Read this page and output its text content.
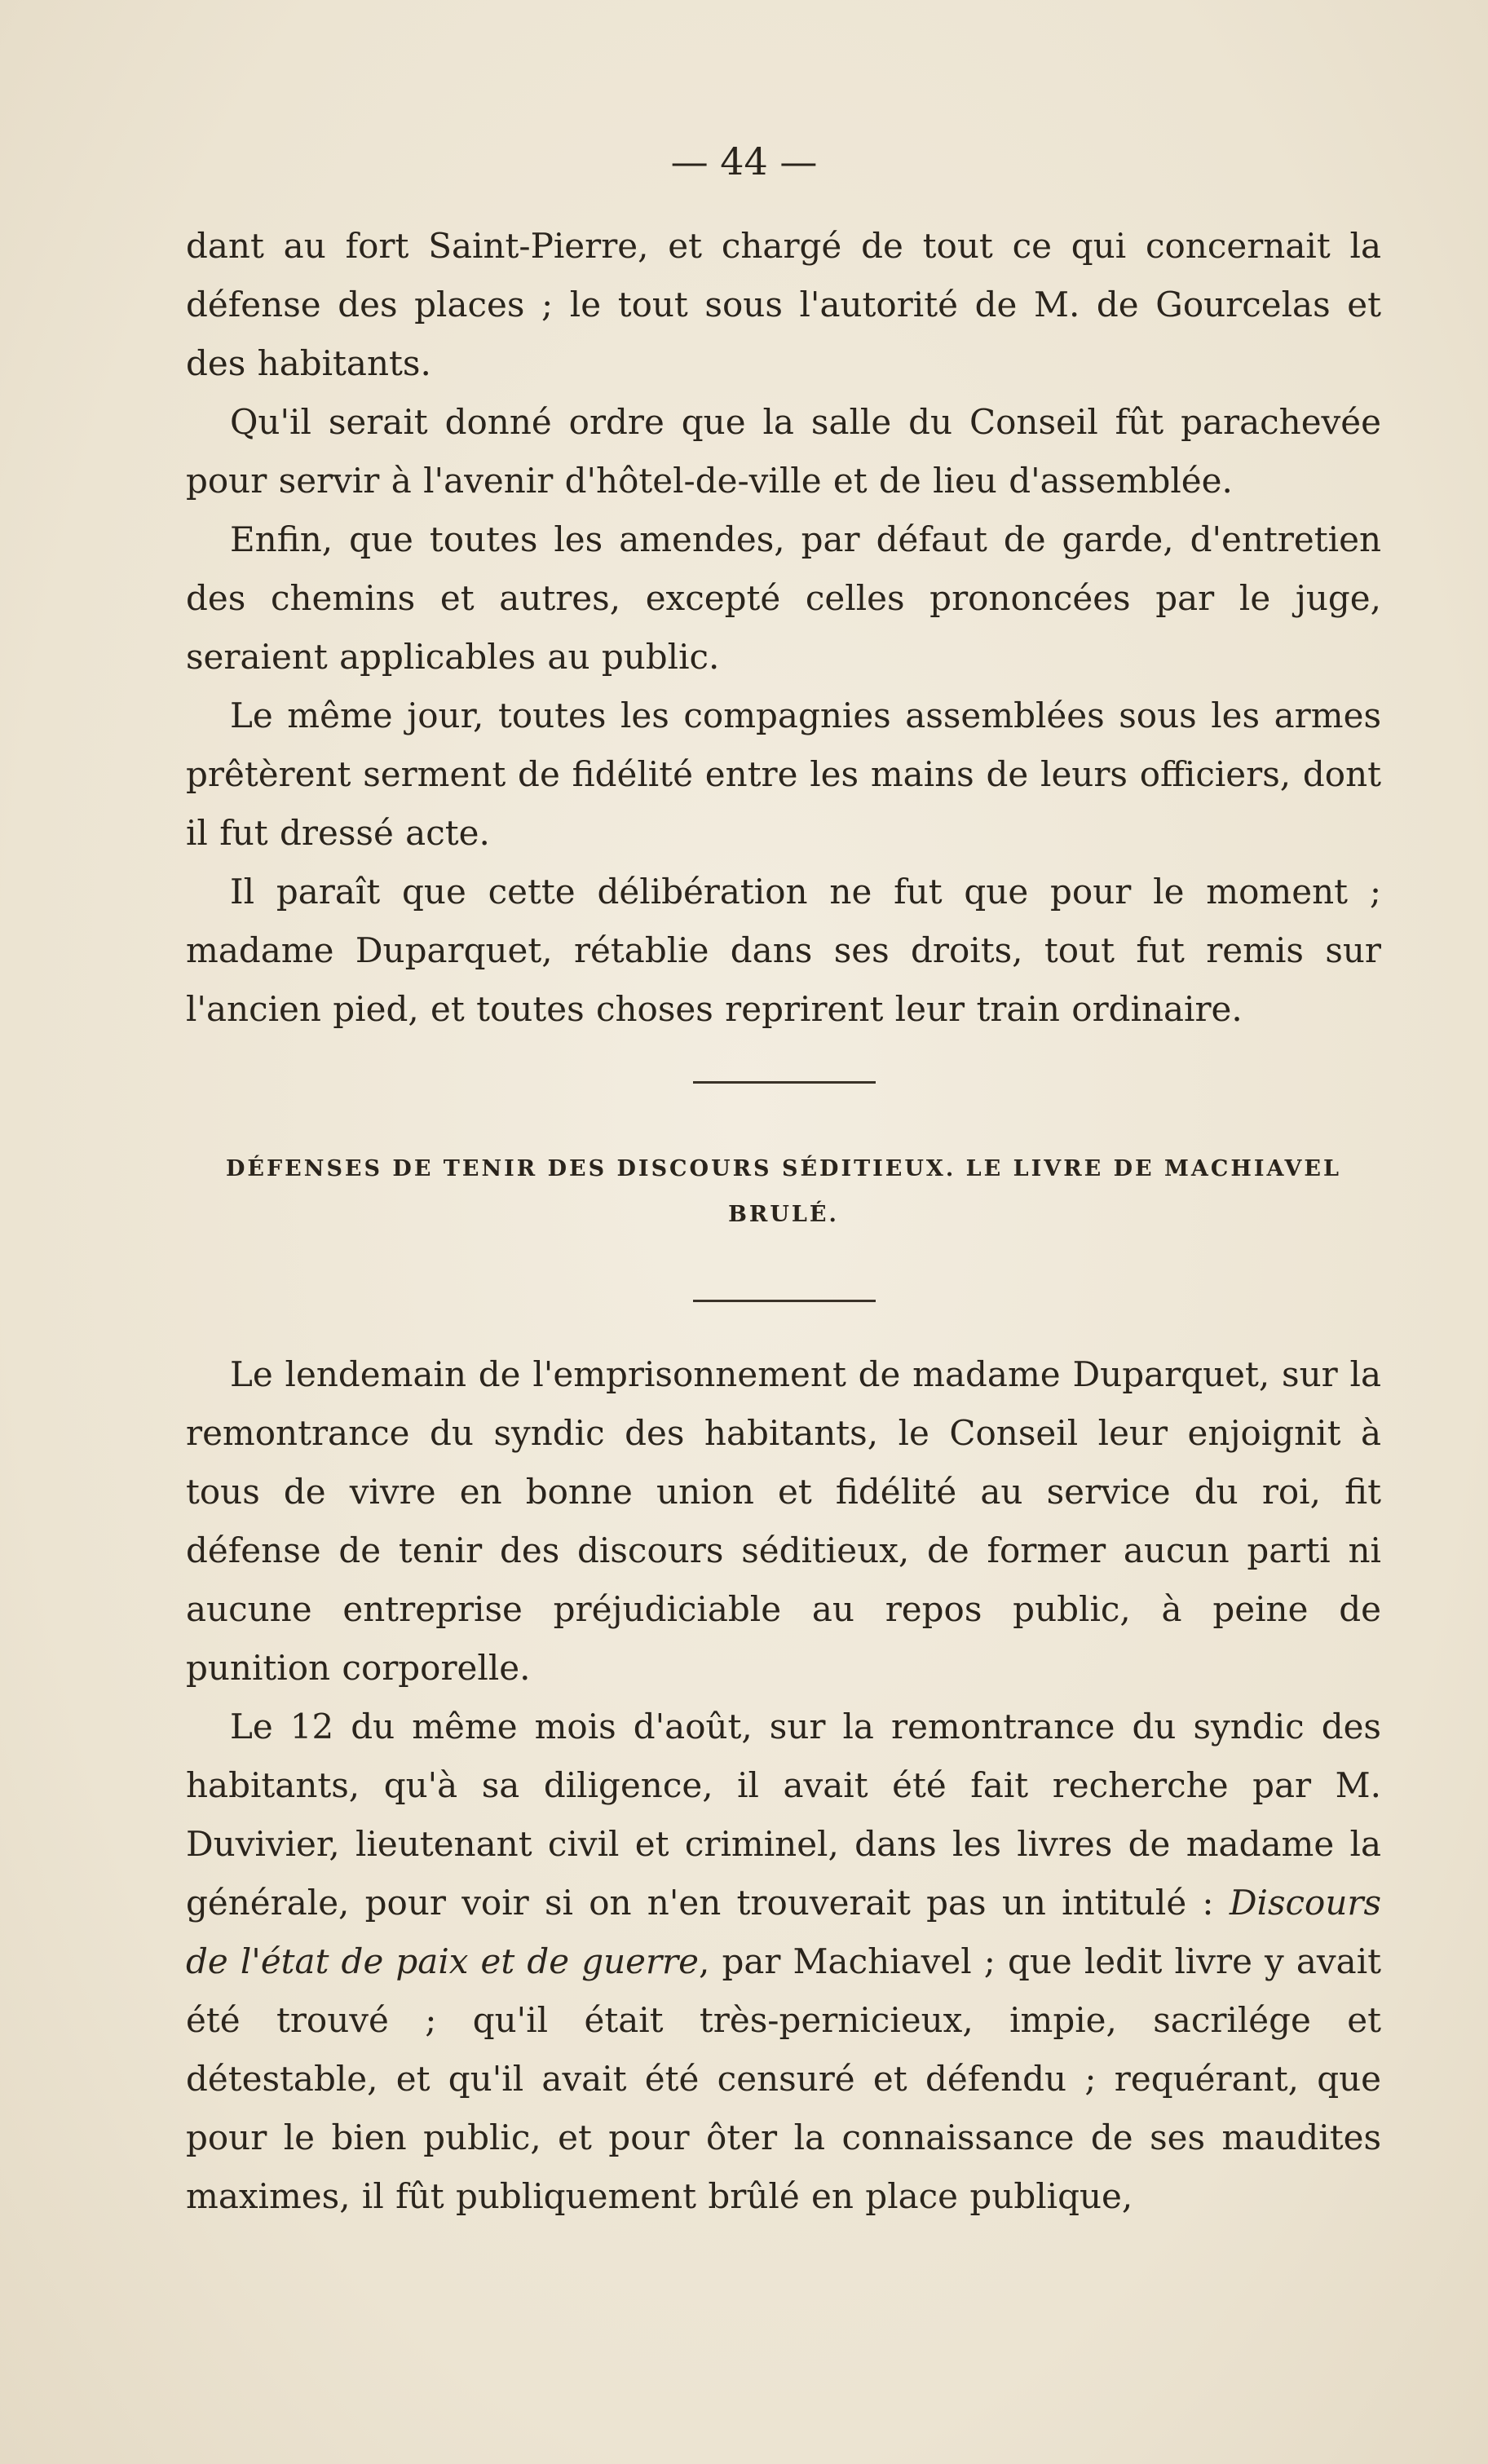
— 44 —

dant au fort Saint-Pierre, et chargé de tout ce qui concernait la défense des places ; le tout sous l'autorité de M. de Gourcelas et des habitants.

Qu'il serait donné ordre que la salle du Conseil fût parachevée pour servir à l'avenir d'hôtel-de-ville et de lieu d'assemblée.

Enfin, que toutes les amendes, par défaut de garde, d'entretien des chemins et autres, excepté celles prononcées par le juge, seraient applicables au public.

Le même jour, toutes les compagnies assemblées sous les armes prêtèrent serment de fidélité entre les mains de leurs officiers, dont il fut dressé acte.

Il paraît que cette délibération ne fut que pour le moment ; madame Duparquet, rétablie dans ses droits, tout fut remis sur l'ancien pied, et toutes choses reprirent leur train ordinaire.

DÉFENSES DE TENIR DES DISCOURS SÉDITIEUX. LE LIVRE DE MACHIAVEL
BRULÉ.

Le lendemain de l'emprisonnement de madame Duparquet, sur la remontrance du syndic des habitants, le Conseil leur enjoignit à tous de vivre en bonne union et fidélité au service du roi, fit défense de tenir des discours séditieux, de former aucun parti ni aucune entreprise préjudiciable au repos public, à peine de punition corporelle.

Le 12 du même mois d'août, sur la remontrance du syndic des habitants, qu'à sa diligence, il avait été fait recherche par M. Duvivier, lieutenant civil et criminel, dans les livres de madame la générale, pour voir si on n'en trouverait pas un intitulé : Discours de l'état de paix et de guerre, par Machiavel ; que ledit livre y avait été trouvé ; qu'il était très-pernicieux, impie, sacrilége et détestable, et qu'il avait été censuré et défendu ; requérant, que pour le bien public, et pour ôter la connaissance de ses maudites maximes, il fût publiquement brûlé en place publique,
